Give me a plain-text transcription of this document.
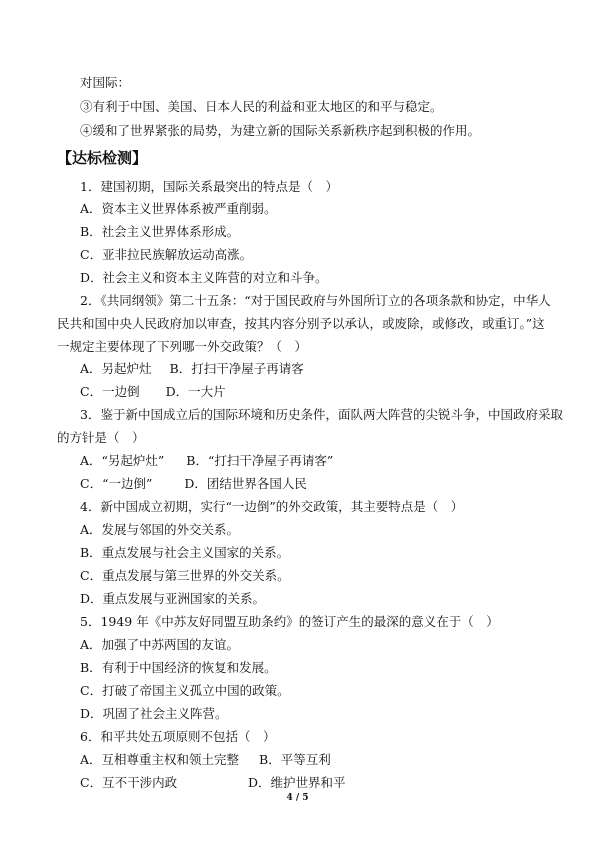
对国际：
③有利于中国、美国、日本人民的利益和亚太地区的和平与稳定。
④缓和了世界紧张的局势，为建立新的国际关系新秩序起到积极的作用。
【达标检测】
1．建国初期，国际关系最突出的特点是（　）
A．资本主义世界体系被严重削弱。
B．社会主义世界体系形成。
C．亚非拉民族解放运动高涨。
D．社会主义和资本主义阵营的对立和斗争。
2．《共同纲领》第二十五条：“对于国民政府与外国所订立的各项条款和协定，中华人
民共和国中央人民政府加以审查，按其内容分别予以承认，或废除，或修改，或重订。”这
一规定主要体现了下列哪一外交政策？（　）
A．另起炉灶 B．打扫干净屋子再请客
C．一边倒 D．一大片
3．鉴于新中国成立后的国际环境和历史条件，面队两大阵营的尖锐斗争，中国政府采取
的方针是（　）
A．“另起炉灶” B．“打扫干净屋子再请客”
C．“一边倒”	D．团结世界各国人民
4．新中国成立初期，实行“一边倒”的外交政策，其主要特点是（　）
A．发展与邻国的外交关系。
B．重点发展与社会主义国家的关系。
C．重点发展与第三世界的外交关系。
D．重点发展与亚洲国家的关系。
5．1949 年《中苏友好同盟互助条约》的签订产生的最深的意义在于（　）
A．加强了中苏两国的友谊。
B．有利于中国经济的恢复和发展。
C．打破了帝国主义孤立中国的政策。
D．巩固了社会主义阵营。
6．和平共处五项原则不包括（　）
A．互相尊重主权和领土完整 B．平等互利
C．互不干涉内政	D．维护世界和平
4 / 5
